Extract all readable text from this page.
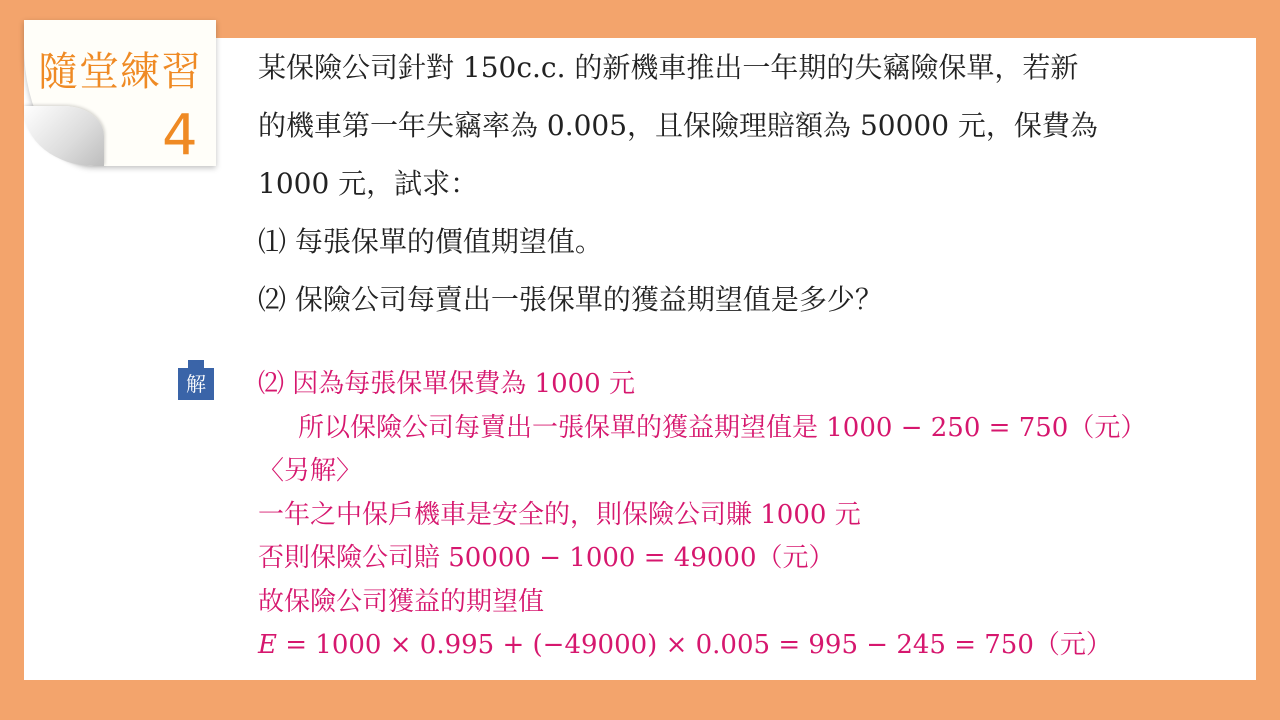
隨堂練習
4
某保險公司針對 150c.c. 的新機車推出一年期的失竊險保單，若新
的機車第一年失竊率為 0.005，且保險理賠額為 50000 元，保費為
1000 元，試求：
⑴ 每張保單的價值期望值。
⑵ 保險公司每賣出一張保單的獲益期望值是多少？
解	⑵ 因為每張保單保費為 1000 元
所以保險公司每賣出一張保單的獲益期望值是 1000 − 250 = 750（元）
〈另解〉
一年之中保戶機車是安全的，則保險公司賺 1000 元
否則保險公司賠 50000 − 1000 = 49000（元）
故保險公司獲益的期望值
E = 1000 × 0.995 + (−49000) × 0.005 = 995 − 245 = 750（元）
